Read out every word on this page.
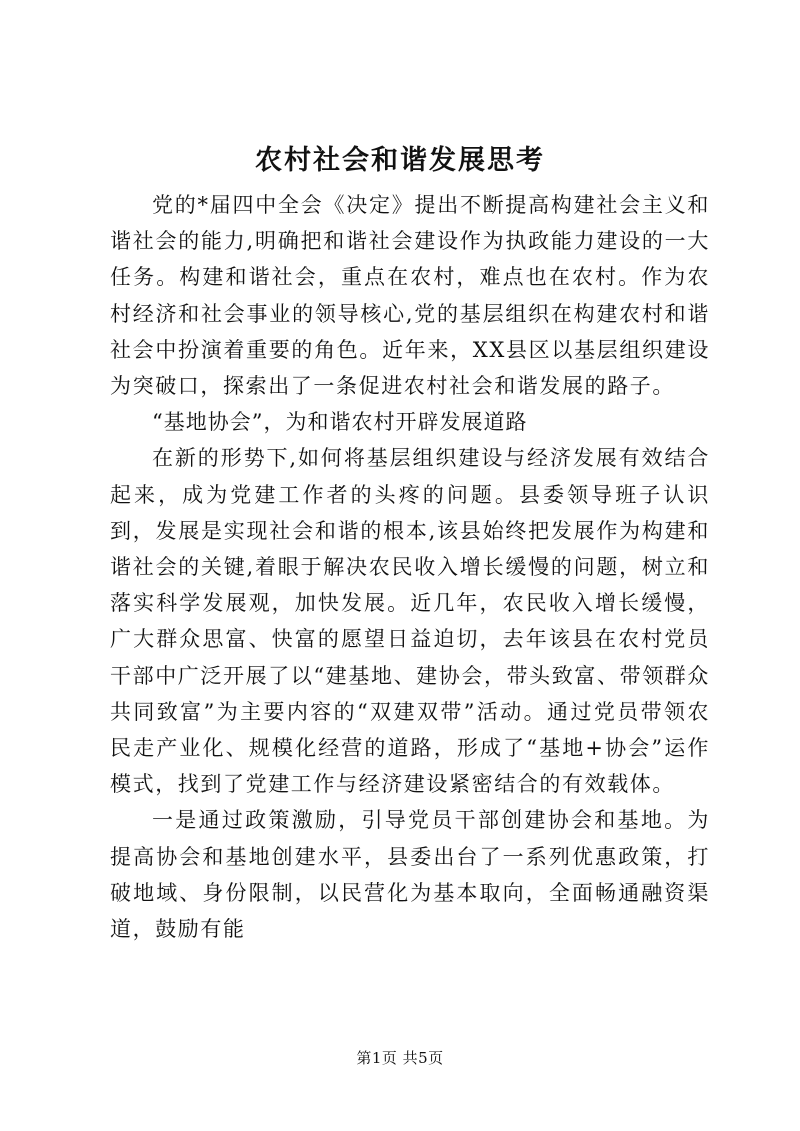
农村社会和谐发展思考

党的*届四中全会《决定》提出不断提高构建社会主义和谐社会的能力,明确把和谐社会建设作为执政能力建设的一大任务。构建和谐社会，重点在农村，难点也在农村。作为农村经济和社会事业的领导核心,党的基层组织在构建农村和谐社会中扮演着重要的角色。近年来，XX县区以基层组织建设为突破口，探索出了一条促进农村社会和谐发展的路子。

“基地协会”，为和谐农村开辟发展道路

在新的形势下,如何将基层组织建设与经济发展有效结合起来，成为党建工作者的头疼的问题。县委领导班子认识到，发展是实现社会和谐的根本,该县始终把发展作为构建和谐社会的关键,着眼于解决农民收入增长缓慢的问题，树立和落实科学发展观，加快发展。近几年，农民收入增长缓慢，广大群众思富、快富的愿望日益迫切，去年该县在农村党员干部中广泛开展了以“建基地、建协会，带头致富、带领群众共同致富”为主要内容的“双建双带”活动。通过党员带领农民走产业化、规模化经营的道路，形成了“基地+协会”运作模式，找到了党建工作与经济建设紧密结合的有效载体。

一是通过政策激励，引导党员干部创建协会和基地。为提高协会和基地创建水平，县委出台了一系列优惠政策，打破地域、身份限制，以民营化为基本取向，全面畅通融资渠道，鼓励有能

第1页 共5页
